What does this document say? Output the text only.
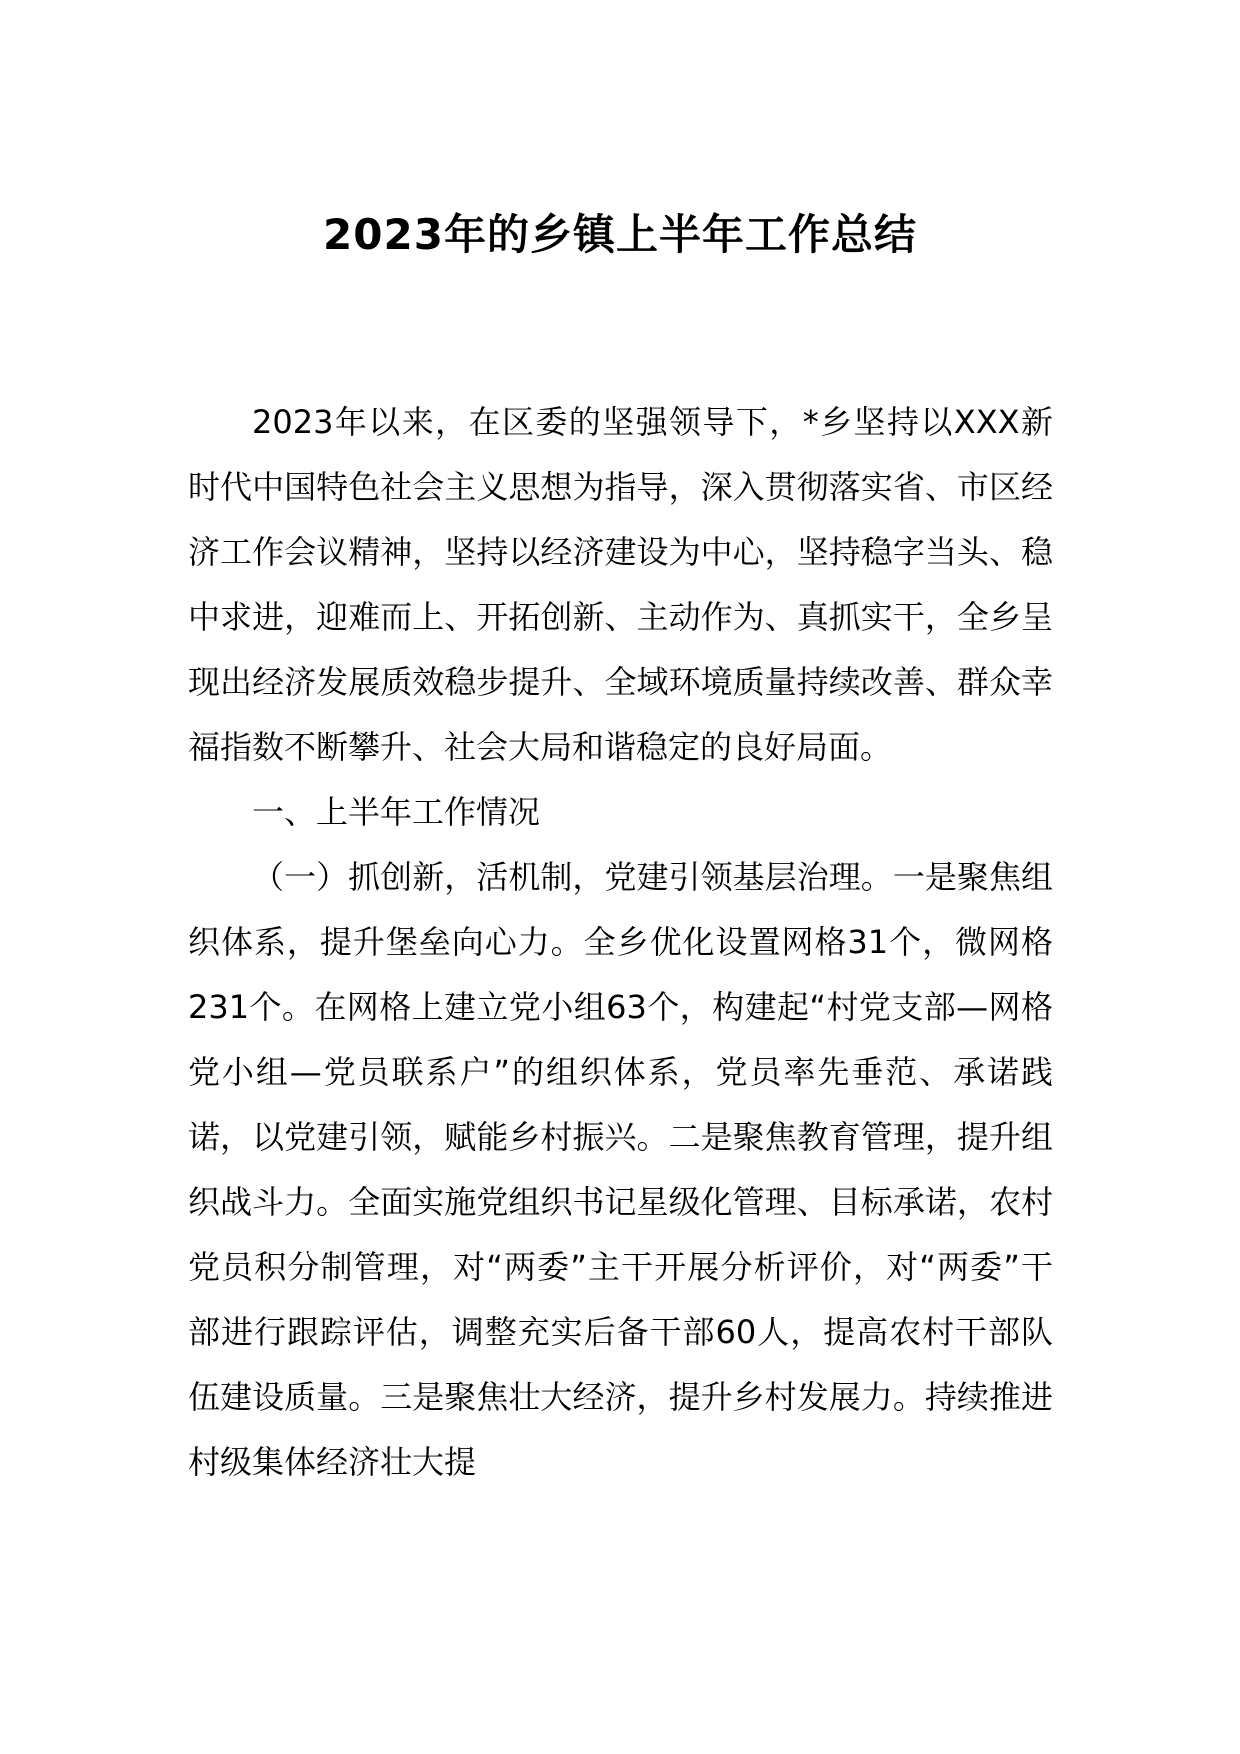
2023年的乡镇上半年工作总结

2023年以来，在区委的坚强领导下，*乡坚持以XXX新时代中国特色社会主义思想为指导，深入贯彻落实省、市区经济工作会议精神，坚持以经济建设为中心，坚持稳字当头、稳中求进，迎难而上、开拓创新、主动作为、真抓实干，全乡呈现出经济发展质效稳步提升、全域环境质量持续改善、群众幸福指数不断攀升、社会大局和谐稳定的良好局面。

一、上半年工作情况

（一）抓创新，活机制，党建引领基层治理。一是聚焦组织体系，提升堡垒向心力。全乡优化设置网格31个，微网格231个。在网格上建立党小组63个，构建起“村党支部—网格党小组—党员联系户”的组织体系，党员率先垂范、承诺践诺，以党建引领，赋能乡村振兴。二是聚焦教育管理，提升组织战斗力。全面实施党组织书记星级化管理、目标承诺，农村党员积分制管理，对“两委”主干开展分析评价，对“两委”干部进行跟踪评估，调整充实后备干部60人，提高农村干部队伍建设质量。三是聚焦壮大经济，提升乡村发展力。持续推进村级集体经济壮大提
